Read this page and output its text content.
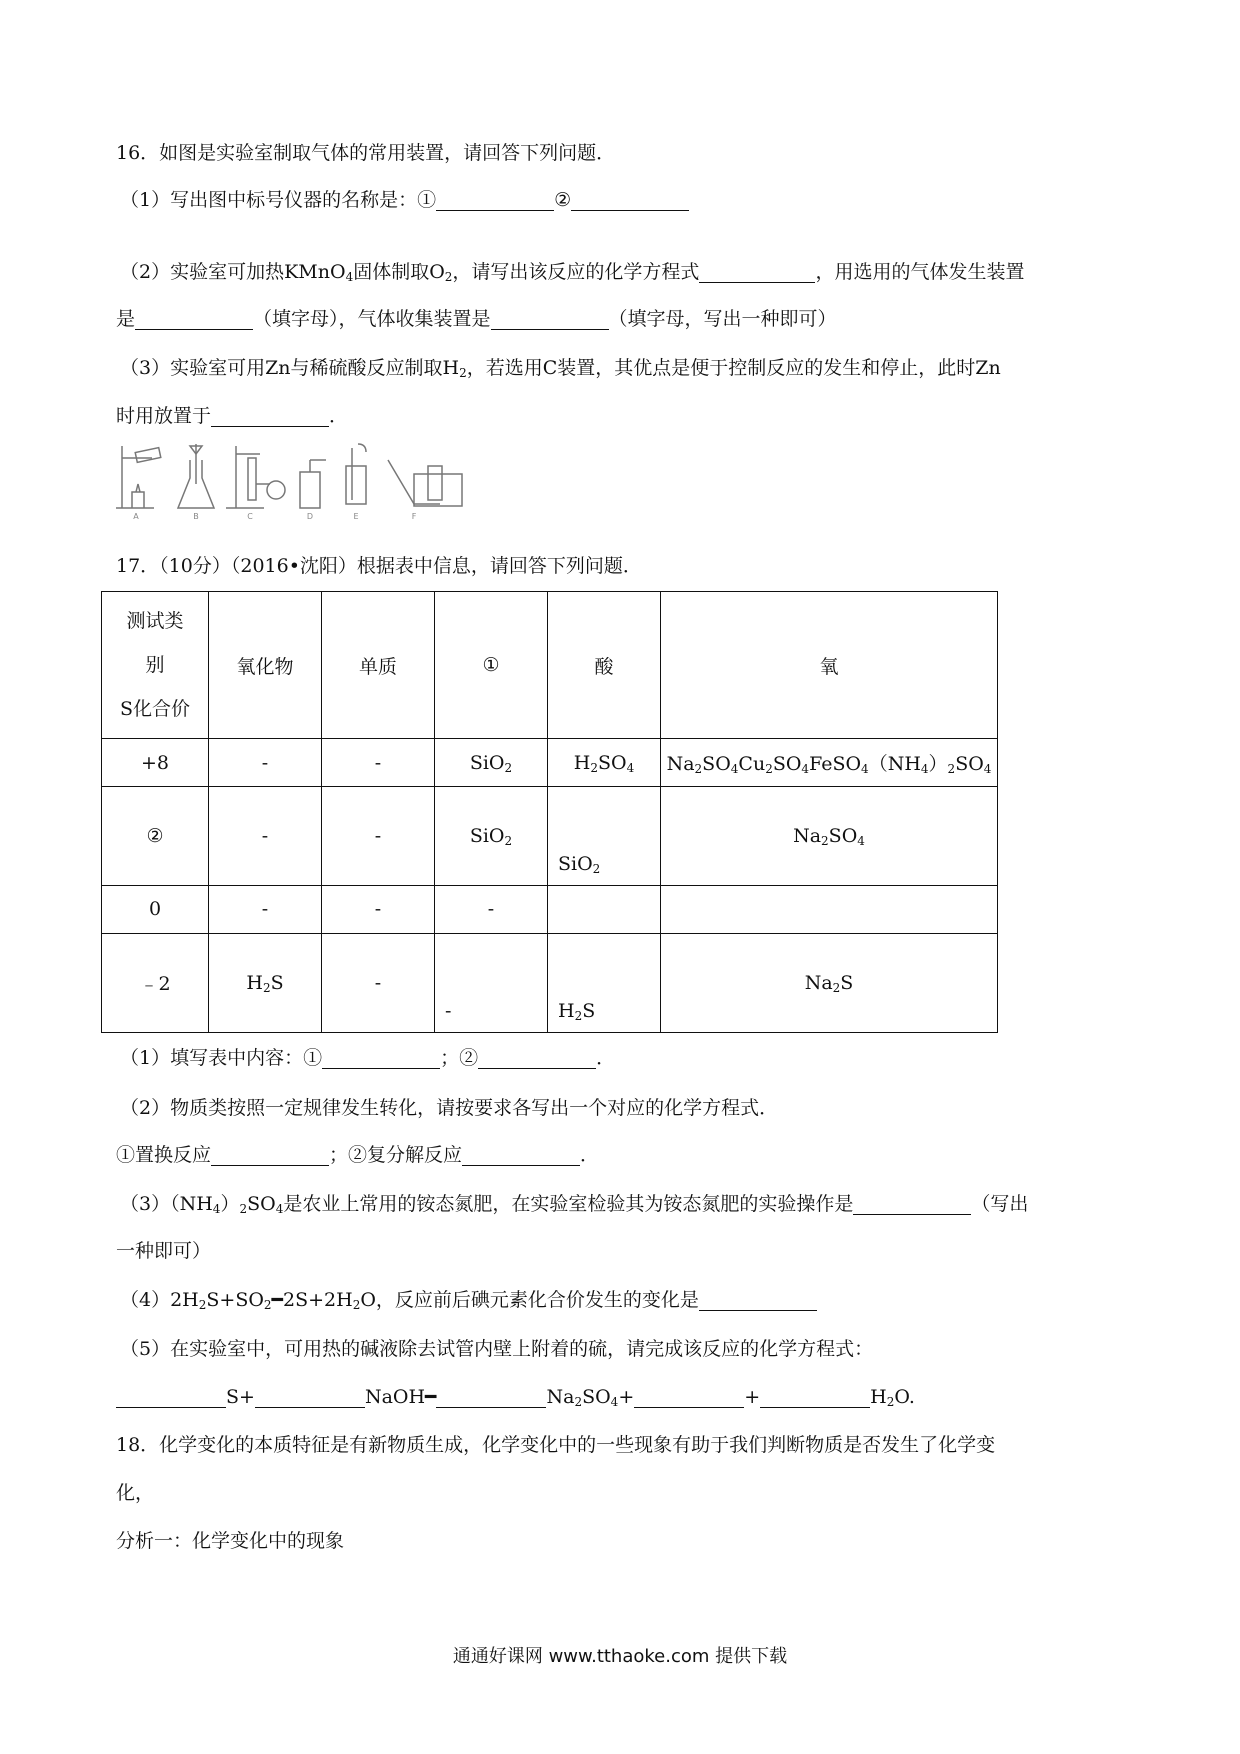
16．如图是实验室制取气体的常用装置，请回答下列问题．
（1）写出图中标号仪器的名称是：①	②
（2）实验室可加热KMnO$_4$固体制取$O_2$，请写出该反应的化学方程式	，用选用的气体发生装置
是	（填字母），气体收集装置是	（填字母，写出一种即可）
（3）实验室可用Zn与稀硫酸反应制取$H_2$，若选用C装置，其优点是便于控制反应的发生和停止，此时Zn
时用放置于	．
A	B	C	D	E	F
17．（10分）（2016•沈阳）根据表中信息，请回答下列问题．
测试类
别
S化合价	氧化物	单质	①	酸	氧
+8	-	-	SiO$_2$	$H_2SO_4$	$Na_2SO_4Cu_2SO_4FeSO_4(NH_4)_2SO_4$
②	-	-	SiO$_2$	SiO$_2$	$Na_2SO_4$
0	-	-	-		
﹣2	$H_2S$	-	-	$H_2S$	$Na_2S$
（1）填写表中内容：①	；②	．
（2）物质类按照一定规律发生转化，请按要求各写出一个对应的化学方程式．
①置换反应	；②复分解反应	．
$(3)(NH_4)_2SO_4$是农业上常用的铵态氮肥，在实验室检验其为铵态氮肥的实验操作是	（写出
一种即可）
$(4)2H_2S+SO_2━2S+2H_2O$，反应前后碘元素化合价发生的变化是
（5）在实验室中，可用热的碱液除去试管内壁上附着的硫，请完成该反应的化学方程式：
S+	NaOH━	$Na_2SO_4+$	+	$H_2O$.
18．化学变化的本质特征是有新物质生成，化学变化中的一些现象有助于我们判断物质是否发生了化学变
化，
分析一：化学变化中的现象
通通好课网 www.tthaoke.com 提供下载
